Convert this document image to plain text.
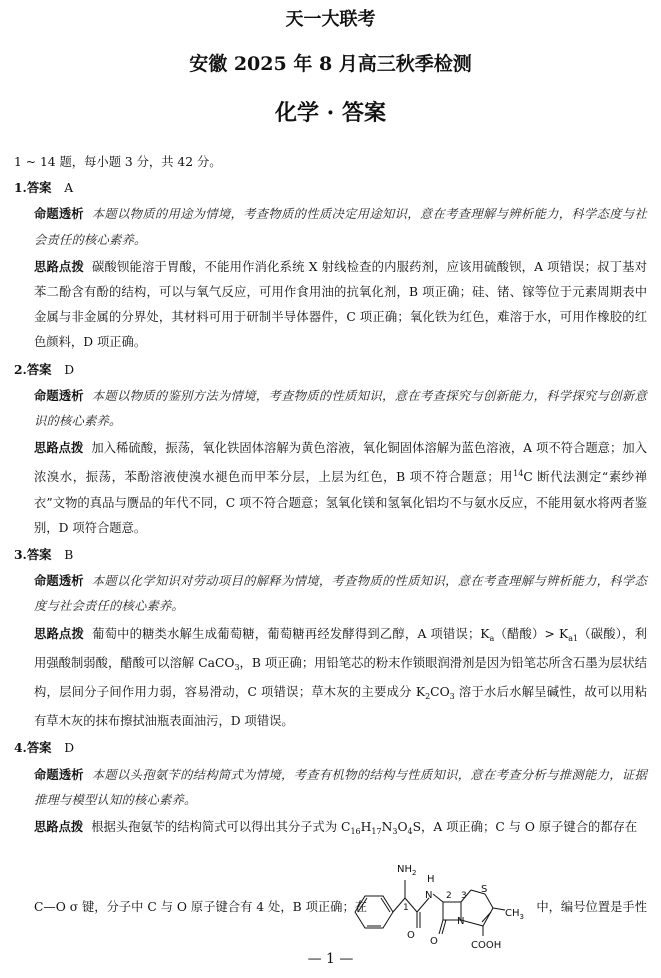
天一大联考
安徽 2025 年 8 月高三秋季检测
化学 · 答案

1 ~ 14 题，每小题 3 分，共 42 分。

1.答案 A

命题透析 本题以物质的用途为情境，考查物质的性质决定用途知识，意在考查理解与辨析能力，科学态度与社会责任的核心素养。

思路点拨 碳酸钡能溶于胃酸，不能用作消化系统 X 射线检查的内服药剂，应该用硫酸钡，A 项错误；叔丁基对苯二酚含有酚的结构，可以与氧气反应，可用作食用油的抗氧化剂，B 项正确；硅、锗、镓等位于元素周期表中金属与非金属的分界处，其材料可用于研制半导体器件，C 项正确；氧化铁为红色，难溶于水，可用作橡胶的红色颜料，D 项正确。

2.答案 D

命题透析 本题以物质的鉴别方法为情境，考查物质的性质知识，意在考查探究与创新能力，科学探究与创新意识的核心素养。

思路点拨 加入稀硫酸，振荡，氧化铁固体溶解为黄色溶液，氧化铜固体溶解为蓝色溶液，A 项不符合题意；加入浓溴水，振荡，苯酚溶液使溴水褪色而甲苯分层，上层为红色，B 项不符合题意；用$^{14}$C 断代法测定“素纱禅衣”文物的真品与赝品的年代不同，C 项不符合题意；氢氧化镁和氢氧化铝均不与氨水反应，不能用氨水将两者鉴别，D 项符合题意。

3.答案 B

命题透析 本题以化学知识对劳动项目的解释为情境，考查物质的性质知识，意在考查理解与辨析能力，科学态度与社会责任的核心素养。

思路点拨 葡萄中的糖类水解生成葡萄糖，葡萄糖再经发酵得到乙醇，A 项错误；$K_a$（醋酸）> $K_{a1}$（碳酸），利用强酸制弱酸，醋酸可以溶解 CaCO$_3$，B 项正确；用铅笔芯的粉末作锁眼润滑剂是因为铅笔芯所含石墨为层状结构，层间分子间作用力弱，容易滑动，C 项错误；草木灰的主要成分 $K_2CO_3$ 溶于水后水解呈碱性，故可以用粘有草木灰的抹布擦拭油瓶表面油污，D 项错误。

4.答案 D

命题透析 本题以头孢氨苄的结构简式为情境，考查有机物的结构与性质知识，意在考查分析与推测能力，证据推理与模型认知的核心素养。

思路点拨 根据头孢氨苄的结构简式可以得出其分子式为 $C_{16}H_{17}N_3O_4S$，A 项正确；C 与 O 原子键合的都存在

$NH_2$
H
N
O
O
N
S
$CH_3$
COOH
1
2 3
C—O σ 键，分子中 C 与 O 原子键合有 4 处，B 项正确；在	中，编号位置是手性
— 1 —
